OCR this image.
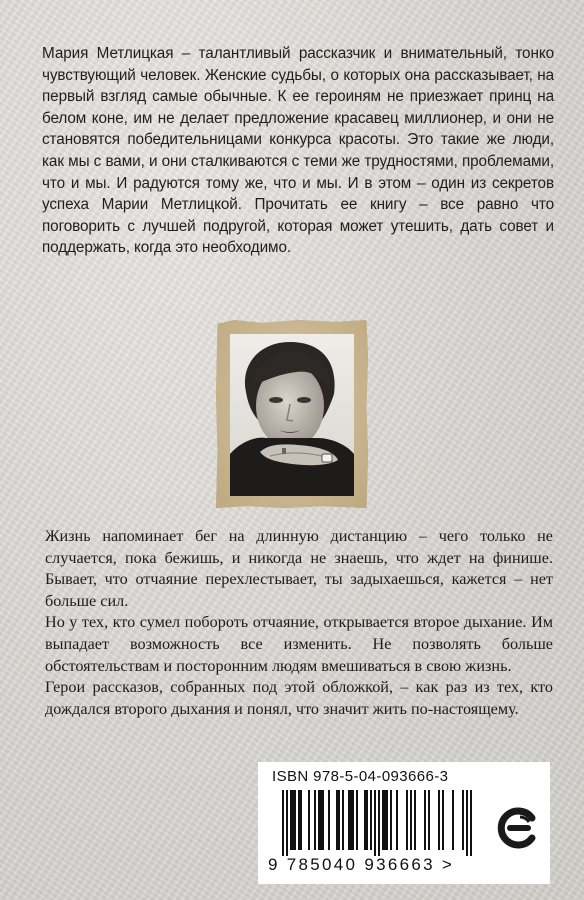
Мария Метлицкая – талантливый рассказчик и внимательный, тонко чувствующий человек. Женские судьбы, о которых она рассказывает, на первый взгляд самые обычные. К ее героиням не приезжает принц на белом коне, им не делает предложение красавец миллионер, и они не становятся победительницами конкурса красоты. Это такие же люди, как мы с вами, и они сталкиваются с теми же трудностями, проблемами, что и мы. И радуются тому же, что и мы. И в этом – один из секретов успеха Марии Метлицкой. Прочитать ее книгу – все равно что поговорить с лучшей подругой, которая может утешить, дать совет и поддержать, когда это необходимо.

Жизнь напоминает бег на длинную дистанцию – чего только не случается, пока бежишь, и никогда не знаешь, что ждет на финише. Бывает, что отчаяние перехлестывает, ты задыхаешься, кажется – нет больше сил.

Но у тех, кто сумел побороть отчаяние, открывается второе дыхание. Им выпадает возможность все изменить. Не позволять больше обстоятельствам и посторонним людям вмешиваться в свою жизнь.

Герои рассказов, собранных под этой обложкой, – как раз из тех, кто дождался второго дыхания и понял, что значит жить по-настоящему.

ISBN 978-5-04-093666-3
9 785040 936663 >
